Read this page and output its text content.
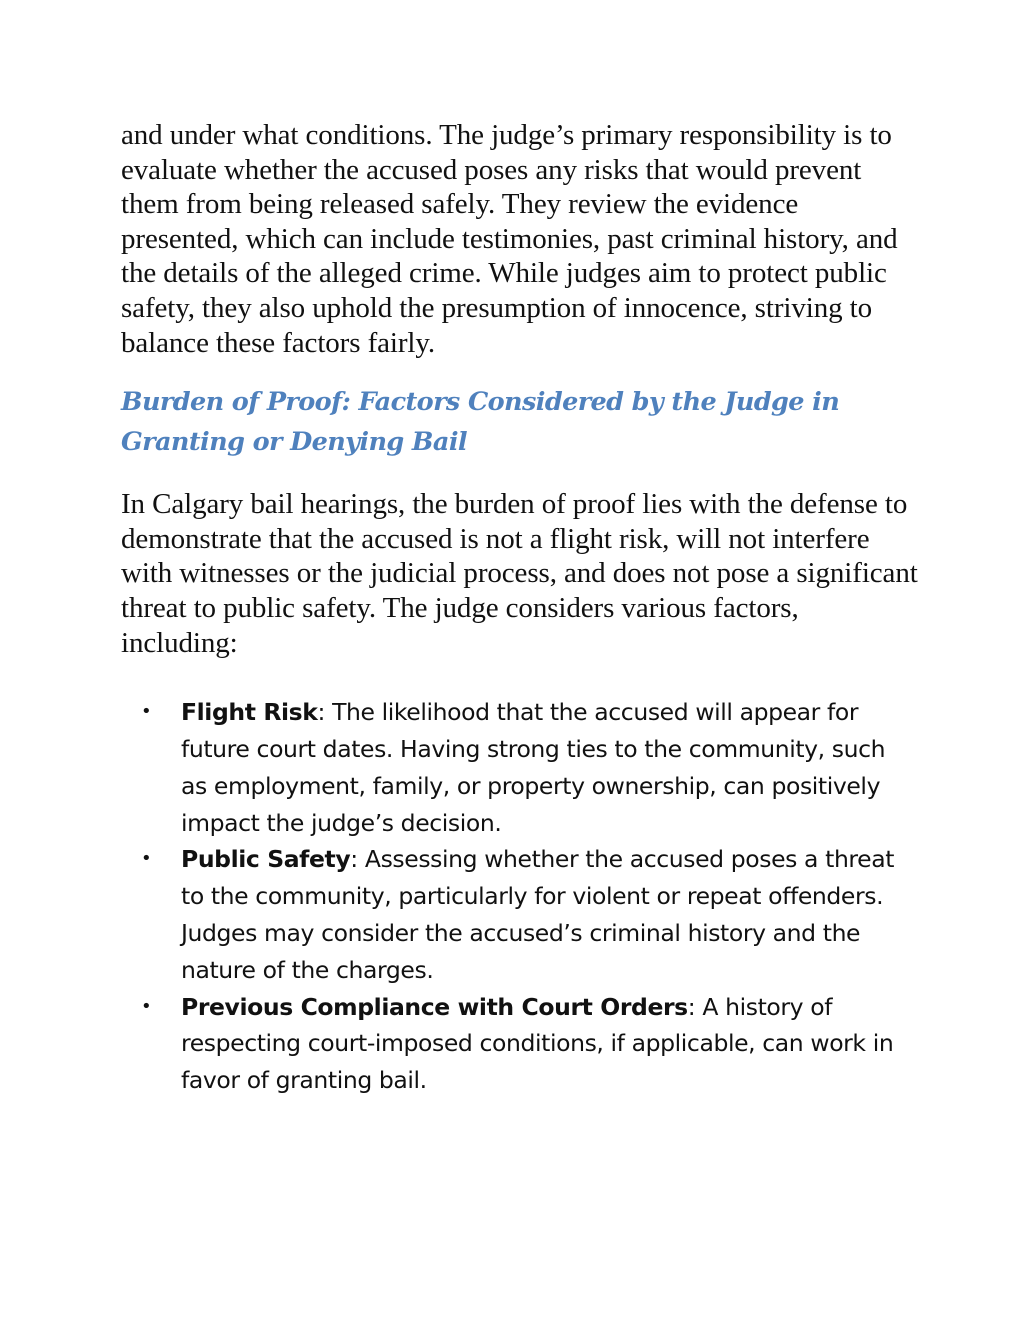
and under what conditions. The judge’s primary responsibility is to evaluate whether the accused poses any risks that would prevent them from being released safely. They review the evidence presented, which can include testimonies, past criminal history, and the details of the alleged crime. While judges aim to protect public safety, they also uphold the presumption of innocence, striving to balance these factors fairly.

Burden of Proof: Factors Considered by the Judge in Granting or Denying Bail

In Calgary bail hearings, the burden of proof lies with the defense to demonstrate that the accused is not a flight risk, will not interfere with witnesses or the judicial process, and does not pose a significant threat to public safety. The judge considers various factors, including:

• Flight Risk: The likelihood that the accused will appear for future court dates. Having strong ties to the community, such as employment, family, or property ownership, can positively impact the judge’s decision.
• Public Safety: Assessing whether the accused poses a threat to the community, particularly for violent or repeat offenders. Judges may consider the accused’s criminal history and the nature of the charges.
• Previous Compliance with Court Orders: A history of respecting court-imposed conditions, if applicable, can work in favor of granting bail.
